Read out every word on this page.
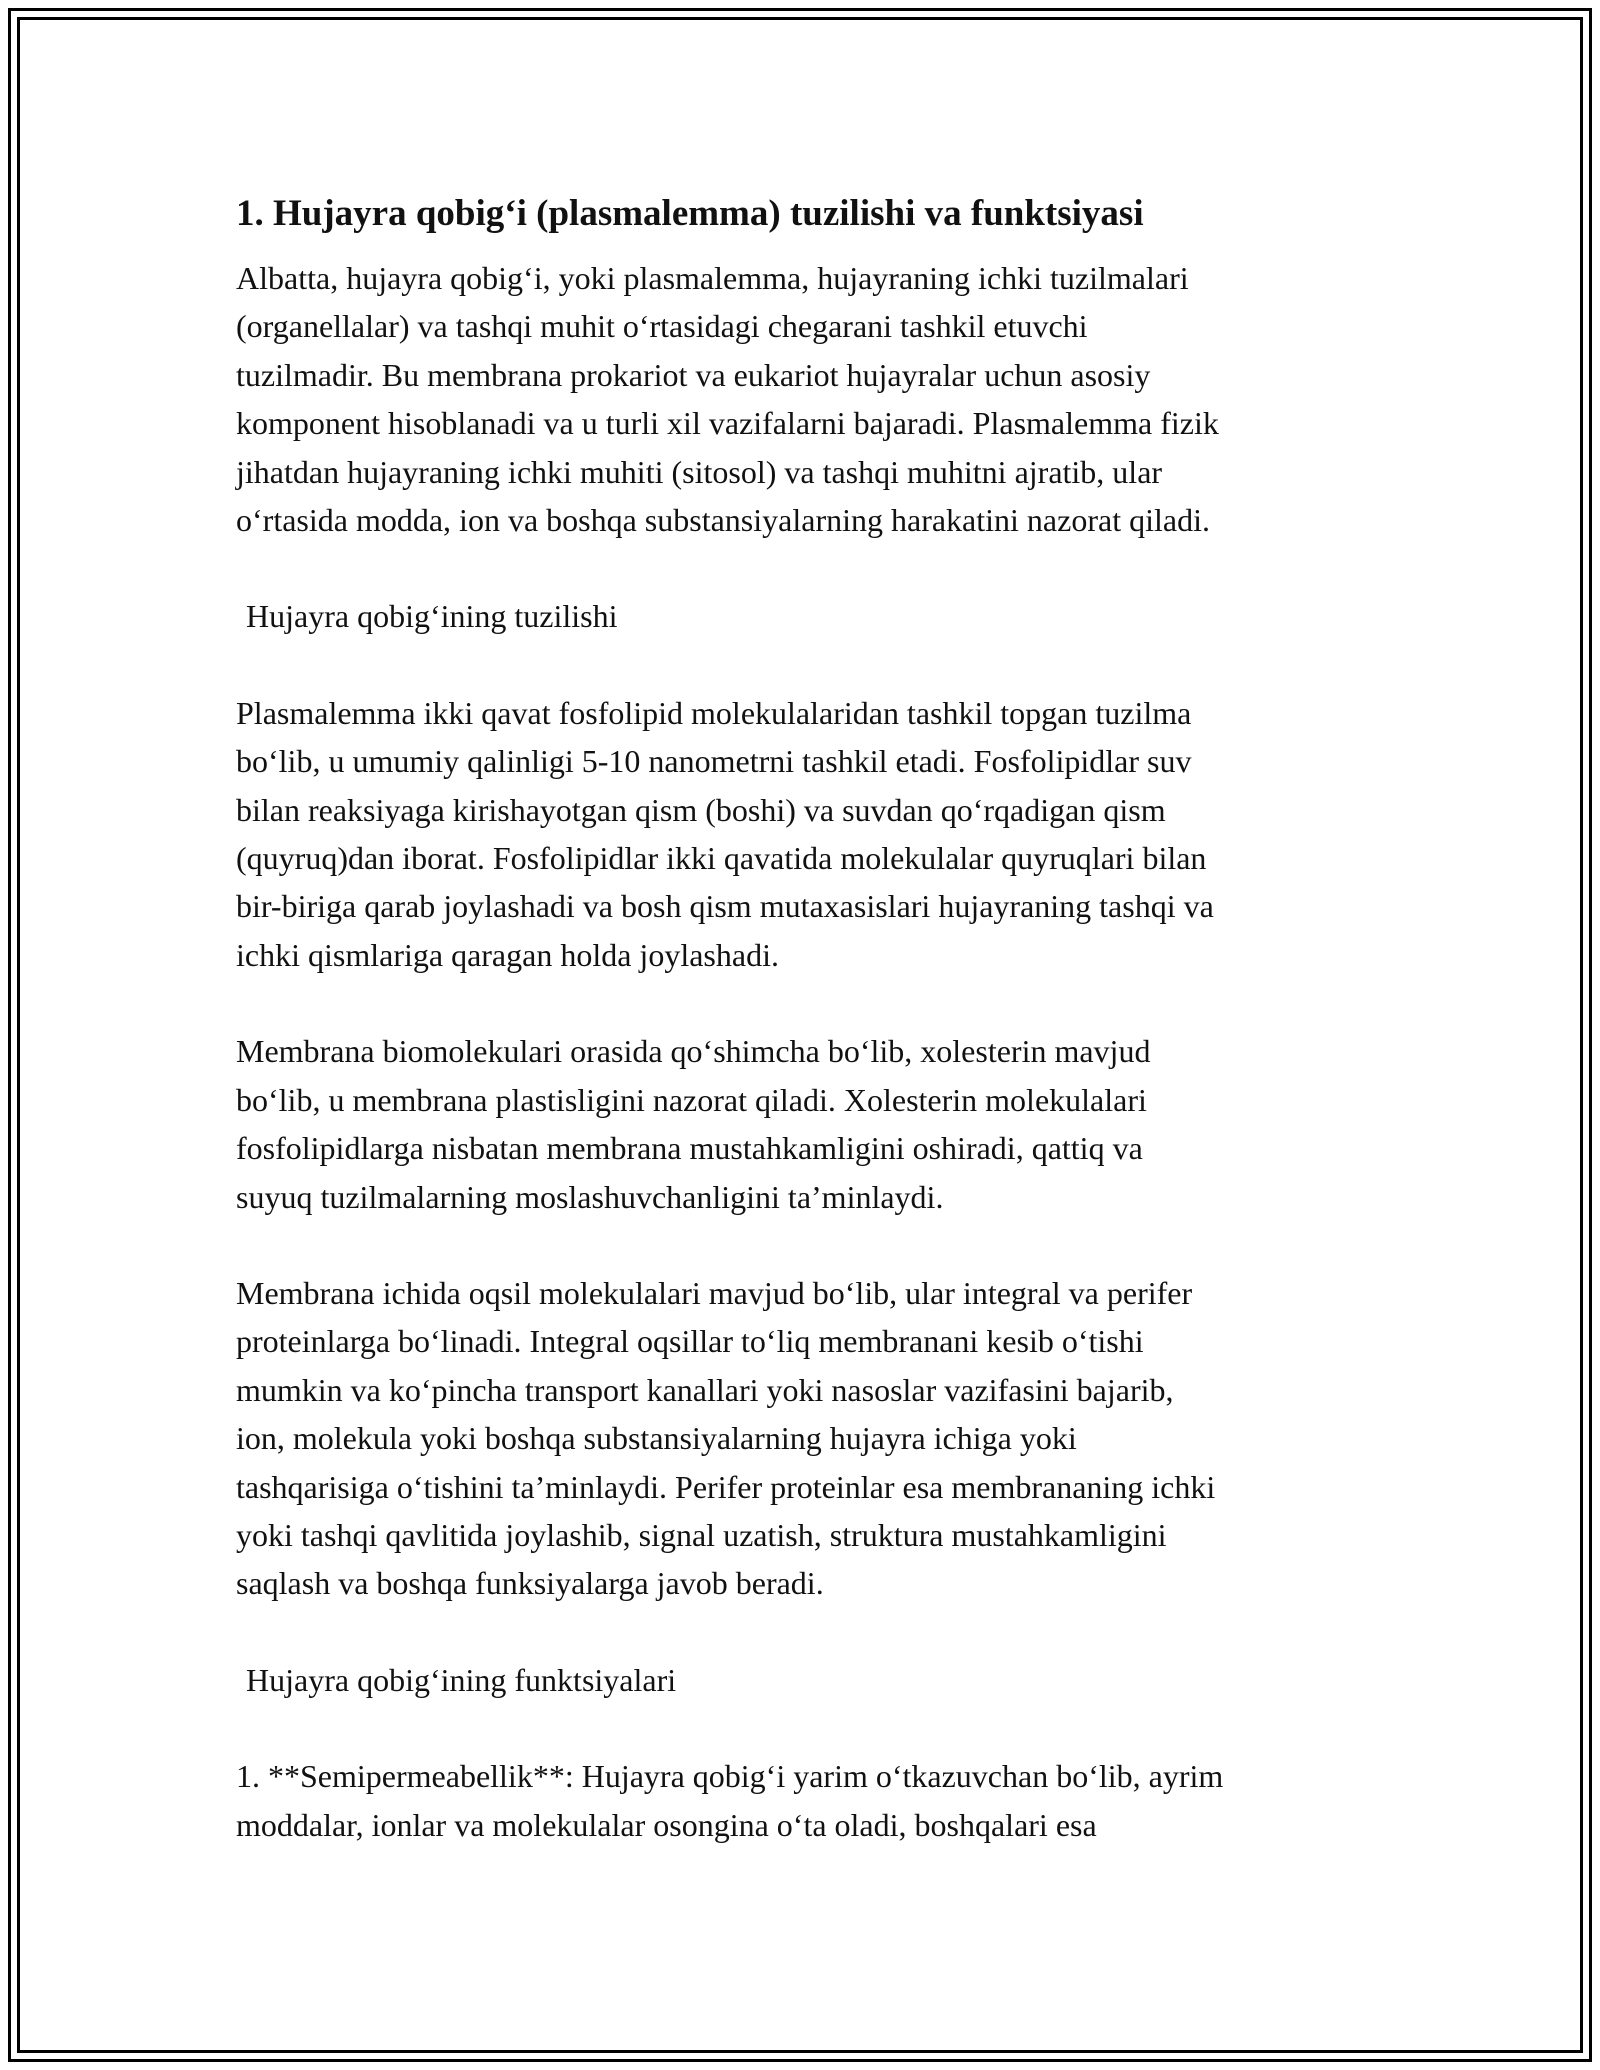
1. Hujayra qobig‘i (plasmalemma) tuzilishi va funktsiyasi

Albatta, hujayra qobig‘i, yoki plasmalemma, hujayraning ichki tuzilmalari
(organellalar) va tashqi muhit o‘rtasidagi chegarani tashkil etuvchi
tuzilmadir. Bu membrana prokariot va eukariot hujayralar uchun asosiy
komponent hisoblanadi va u turli xil vazifalarni bajaradi. Plasmalemma fizik
jihatdan hujayraning ichki muhiti (sitosol) va tashqi muhitni ajratib, ular
o‘rtasida modda, ion va boshqa substansiyalarning harakatini nazorat qiladi.

Hujayra qobig‘ining tuzilishi

Plasmalemma ikki qavat fosfolipid molekulalaridan tashkil topgan tuzilma
bo‘lib, u umumiy qalinligi 5-10 nanometrni tashkil etadi. Fosfolipidlar suv
bilan reaksiyaga kirishayotgan qism (boshi) va suvdan qo‘rqadigan qism
(quyruq)dan iborat. Fosfolipidlar ikki qavatida molekulalar quyruqlari bilan
bir-biriga qarab joylashadi va bosh qism mutaxasislari hujayraning tashqi va
ichki qismlariga qaragan holda joylashadi.

Membrana biomolekulari orasida qo‘shimcha bo‘lib, xolesterin mavjud
bo‘lib, u membrana plastisligini nazorat qiladi. Xolesterin molekulalari
fosfolipidlarga nisbatan membrana mustahkamligini oshiradi, qattiq va
suyuq tuzilmalarning moslashuvchanligini ta’minlaydi.

Membrana ichida oqsil molekulalari mavjud bo‘lib, ular integral va perifer
proteinlarga bo‘linadi. Integral oqsillar to‘liq membranani kesib o‘tishi
mumkin va ko‘pincha transport kanallari yoki nasoslar vazifasini bajarib,
ion, molekula yoki boshqa substansiyalarning hujayra ichiga yoki
tashqarisiga o‘tishini ta’minlaydi. Perifer proteinlar esa membrananing ichki
yoki tashqi qavlitida joylashib, signal uzatish, struktura mustahkamligini
saqlash va boshqa funksiyalarga javob beradi.

Hujayra qobig‘ining funktsiyalari

1. **Semipermeabellik**: Hujayra qobig‘i yarim o‘tkazuvchan bo‘lib, ayrim
moddalar, ionlar va molekulalar osongina o‘ta oladi, boshqalari esa
